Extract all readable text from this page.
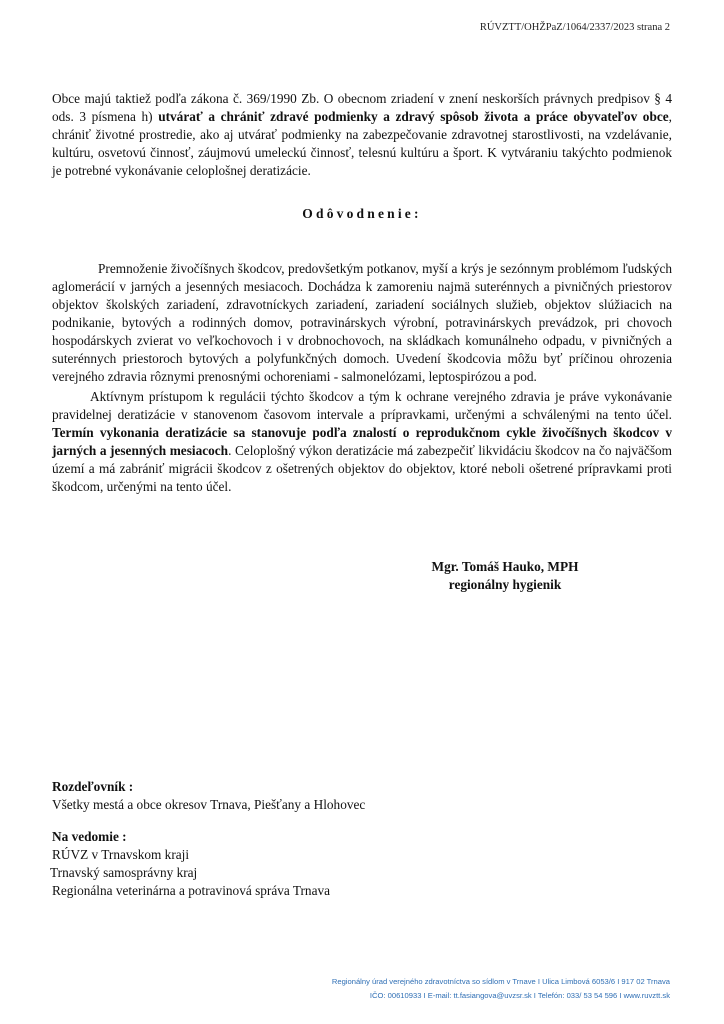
RÚVZTT/OHŽPaZ/1064/2337/2023 strana 2

Obce majú taktiež podľa zákona č. 369/1990 Zb. O obecnom zriadení v znení neskorších právnych predpisov § 4 ods. 3 písmena h) utvárať a chrániť zdravé podmienky a zdravý spôsob života a práce obyvateľov obce, chrániť životné prostredie, ako aj utvárať podmienky na zabezpečovanie zdravotnej starostlivosti, na vzdelávanie, kultúru, osvetovú činnosť, záujmovú umeleckú činnosť, telesnú kultúru a šport. K vytváraniu takýchto podmienok je potrebné vykonávanie celoplošnej deratizácie.

Odôvodnenie:

Premnoženie živočíšnych škodcov, predovšetkým potkanov, myší a krýs je sezónnym problémom ľudských aglomerácií v jarných a jesenných mesiacoch. Dochádza k zamoreniu najmä suterénnych a pivničných priestorov objektov školských zariadení, zdravotníckych zariadení, zariadení sociálnych služieb, objektov slúžiacich na podnikanie, bytových a rodinných domov, potravinárskych výrobní, potravinárskych prevádzok, pri chovoch hospodárskych zvierat vo veľkochovoch i v drobnochovoch, na skládkach komunálneho odpadu, v pivničných a suterénnych priestoroch bytových a polyfunkčných domoch. Uvedení škodcovia môžu byť príčinou ohrozenia verejného zdravia rôznymi prenosnými ochoreniami - salmonelózami, leptospirózou a pod.

Aktívnym prístupom k regulácii týchto škodcov a tým k ochrane verejného zdravia je práve vykonávanie pravidelnej deratizácie v stanovenom časovom intervale a prípravkami, určenými a schválenými na tento účel. Termín vykonania deratizácie sa stanovuje podľa znalostí o reprodukčnom cykle živočíšnych škodcov v jarných a jesenných mesiacoch. Celoplošný výkon deratizácie má zabezpečiť likvidáciu škodcov na čo najväčšom území a má zabrániť migrácii škodcov z ošetrených objektov do objektov, ktoré neboli ošetrené prípravkami proti škodcom, určenými na tento účel.

Mgr. Tomáš Hauko, MPH
regionálny hygienik
Rozdeľovník :
Všetky mestá a obce okresov Trnava, Piešťany a Hlohovec
Na vedomie :
RÚVZ v Trnavskom kraji
Trnavský samosprávny kraj
Regionálna veterinárna a potravinová správa Trnava
Regionálny úrad verejného zdravotníctva so sídlom v Trnave I Ulica Limbová 6053/6 I 917 02 Trnava
IČO: 00610933 I E-mail: tt.fasiangova@uvzsr.sk I Telefón: 033/ 53 54 596 I www.ruvztt.sk
